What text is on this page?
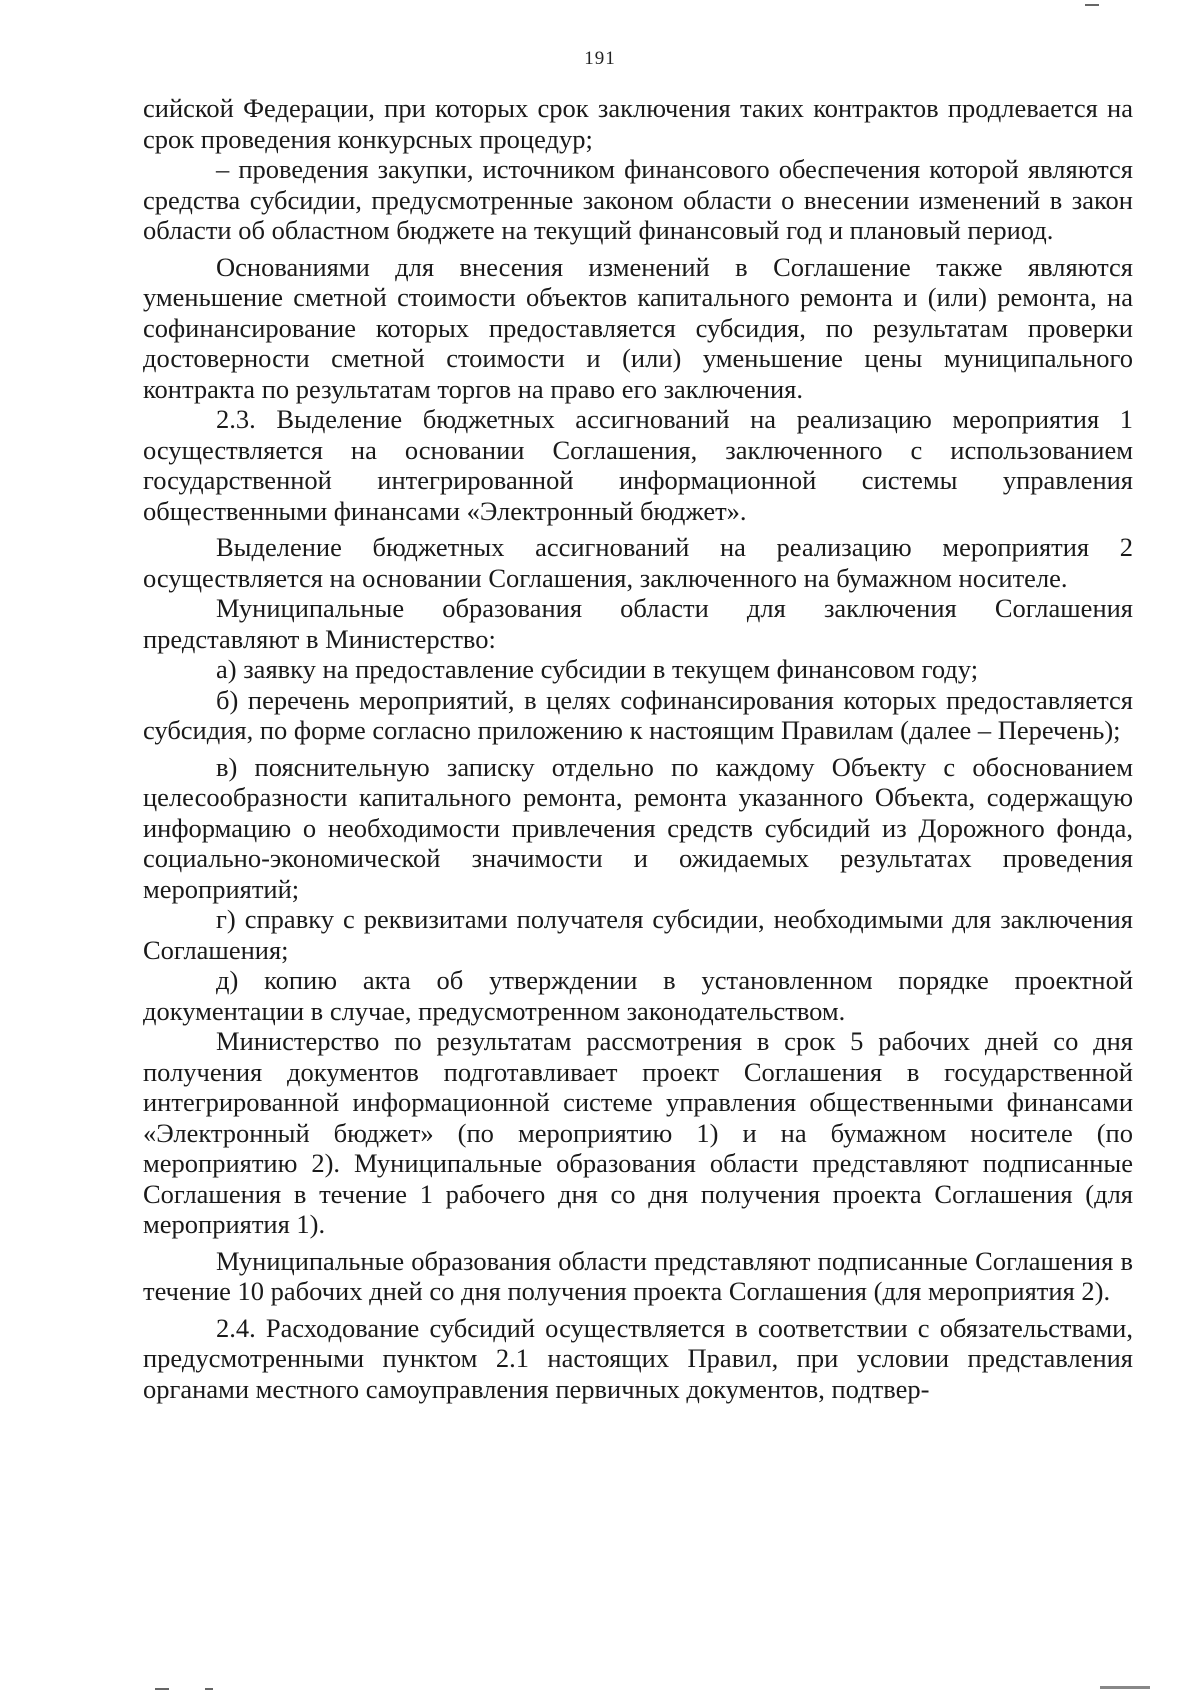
191

сийской Федерации, при которых срок заключения таких контрактов продлевается на срок проведения конкурсных процедур;

– проведения закупки, источником финансового обеспечения которой являются средства субсидии, предусмотренные законом области о внесении изменений в закон области об областном бюджете на текущий финансовый год и плановый период.

Основаниями для внесения изменений в Соглашение также являются уменьшение сметной стоимости объектов капитального ремонта и (или) ремонта, на софинансирование которых предоставляется субсидия, по результатам проверки достоверности сметной стоимости и (или) уменьшение цены муниципального контракта по результатам торгов на право его заключения.

2.3. Выделение бюджетных ассигнований на реализацию мероприятия 1 осуществляется на основании Соглашения, заключенного с использованием государственной интегрированной информационной системы управления общественными финансами «Электронный бюджет».

Выделение бюджетных ассигнований на реализацию мероприятия 2 осуществляется на основании Соглашения, заключенного на бумажном носителе.

Муниципальные образования области для заключения Соглашения представляют в Министерство:

а) заявку на предоставление субсидии в текущем финансовом году;

б) перечень мероприятий, в целях софинансирования которых предоставляется субсидия, по форме согласно приложению к настоящим Правилам (далее – Перечень);

в) пояснительную записку отдельно по каждому Объекту с обоснованием целесообразности капитального ремонта, ремонта указанного Объекта, содержащую информацию о необходимости привлечения средств субсидий из Дорожного фонда, социально-экономической значимости и ожидаемых результатах проведения мероприятий;

г) справку с реквизитами получателя субсидии, необходимыми для заключения Соглашения;

д) копию акта об утверждении в установленном порядке проектной документации в случае, предусмотренном законодательством.

Министерство по результатам рассмотрения в срок 5 рабочих дней со дня получения документов подготавливает проект Соглашения в государственной интегрированной информационной системе управления общественными финансами «Электронный бюджет» (по мероприятию 1) и на бумажном носителе (по мероприятию 2). Муниципальные образования области представляют подписанные Соглашения в течение 1 рабочего дня со дня получения проекта Соглашения (для мероприятия 1).

Муниципальные образования области представляют подписанные Соглашения в течение 10 рабочих дней со дня получения проекта Соглашения (для мероприятия 2).

2.4. Расходование субсидий осуществляется в соответствии с обязательствами, предусмотренными пунктом 2.1 настоящих Правил, при условии представления органами местного самоуправления первичных документов, подтвер-
